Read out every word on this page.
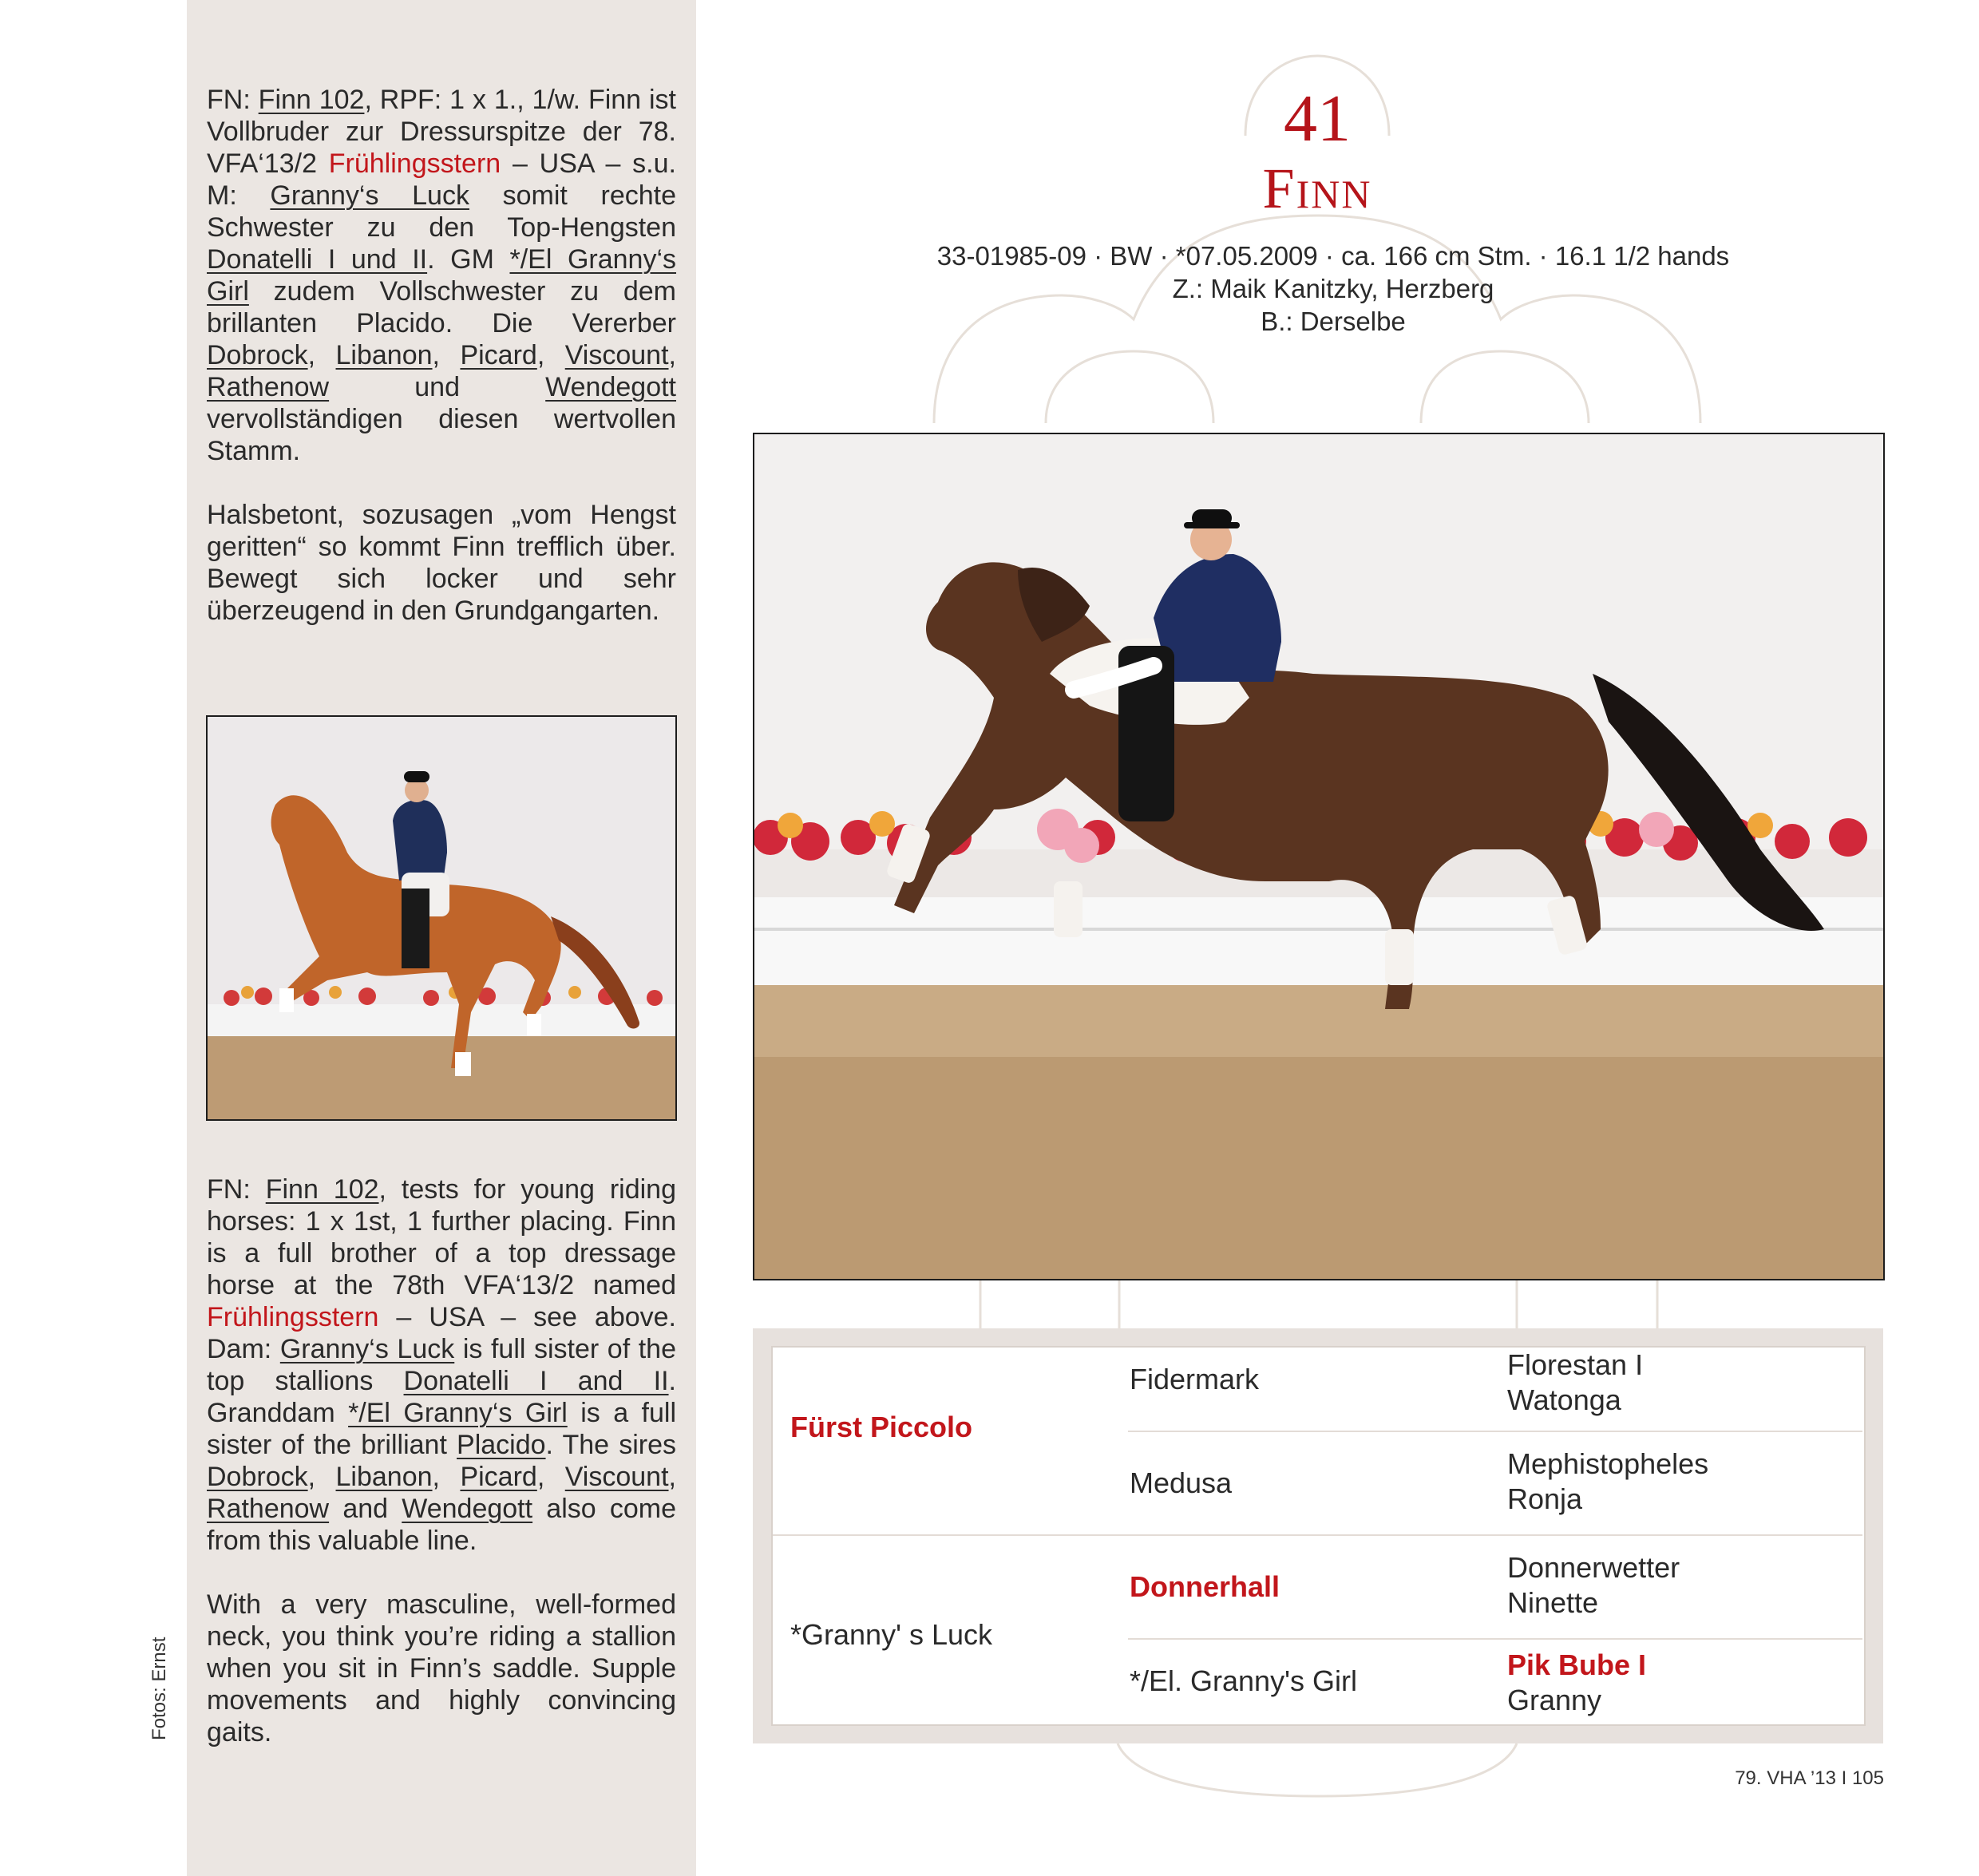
FN: Finn 102, RPF: 1 x 1., 1/w. Finn ist Vollbruder zur Dressurspitze der 78. VFA‘13/2 Frühlingsstern – USA – s.u. M: Granny‘s Luck somit rechte Schwester zu den Top-Hengsten Donatelli I und II. GM */El Granny‘s Girl zudem Vollschwester zu dem brillanten Placido. Die Vererber Dobrock, Libanon, Picard, Viscount, Rathenow und Wendegott vervollständigen diesen wertvollen Stamm.

Halsbetont, sozusagen „vom Hengst geritten“ so kommt Finn trefflich über. Bewegt sich locker und sehr überzeugend in den Grundgangarten.

FN: Finn 102, tests for young riding horses: 1 x 1st, 1 further placing. Finn is a full brother of a top dressage horse at the 78th VFA‘13/2 named Frühlingsstern – USA – see above. Dam: Granny‘s Luck is full sister of the top stallions Donatelli I and II. Granddam */El Granny‘s Girl is a full sister of the brilliant Placido. The sires Dobrock, Libanon, Picard, Viscount, Rathenow and Wendegott also come from this valuable line.

With a very masculine, well-formed neck, you think you’re riding a stallion when you sit in Finn’s saddle. Supple movements and highly convincing gaits.

Fotos: Ernst
41
Finn
33-01985-09 · BW · *07.05.2009 · ca. 166 cm Stm. · 16.1 1/2 hands
Z.: Maik Kanitzky, Herzberg
B.: Derselbe
Fürst Piccolo
*Granny' s Luck
Fidermark
Medusa
Donnerhall
*/El. Granny's Girl
Florestan I
Watonga
Mephistopheles
Ronja
Donnerwetter
Ninette
Pik Bube I
Granny
79. VHA ’13 I 105
